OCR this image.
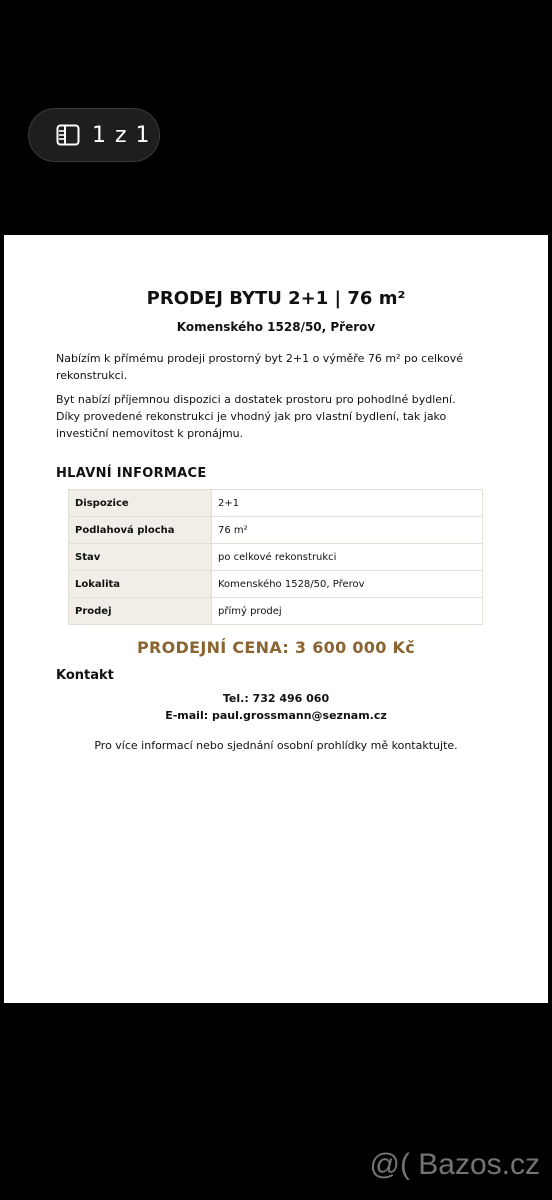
1 z 1
PRODEJ BYTU 2+1 | 76 m²
Komenského 1528/50, Přerov
Nabízím k přímému prodeji prostorný byt 2+1 o výměře 76 m² po celkové rekonstrukci.
Byt nabízí příjemnou dispozici a dostatek prostoru pro pohodlné bydlení. Díky provedené rekonstrukci je vhodný jak pro vlastní bydlení, tak jako investiční nemovitost k pronájmu.
HLAVNÍ INFORMACE
Dispozice	2+1
Podlahová plocha	76 m²
Stav	po celkové rekonstrukci
Lokalita	Komenského 1528/50, Přerov
Prodej	přímý prodej
PRODEJNÍ CENA: 3 600 000 Kč
Kontakt
Tel.: 732 496 060
E-mail: paul.grossmann@seznam.cz
Pro více informací nebo sjednání osobní prohlídky mě kontaktujte.
@( Bazos.cz
